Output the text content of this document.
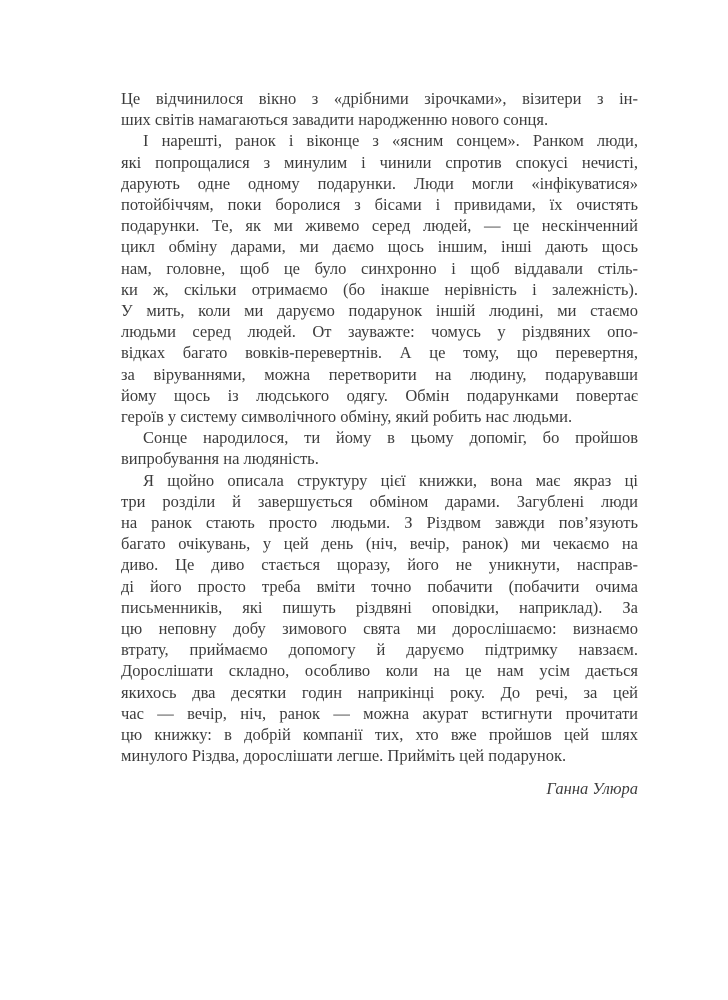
Це відчинилося вікно з «дрібними зірочками», візитери з ін-
ших світів намагаються завадити народженню нового сонця.
І нарешті, ранок і віконце з «ясним сонцем». Ранком люди,
які попрощалися з минулим і чинили спротив спокусі нечисті,
дарують одне одному подарунки. Люди могли «інфікуватися»
потойбіччям, поки боролися з бісами і привидами, їх очистять
подарунки. Те, як ми живемо серед людей, — це нескінченний
цикл обміну дарами, ми даємо щось іншим, інші дають щось
нам, головне, щоб це було синхронно і щоб віддавали стіль-
ки ж, скільки отримаємо (бо інакше нерівність і залежність).
У мить, коли ми даруємо подарунок іншій людині, ми стаємо
людьми серед людей. От зауважте: чомусь у різдвяних опо-
відках багато вовків-перевертнів. А це тому, що перевертня,
за віруваннями, можна перетворити на людину, подарувавши
йому щось із людського одягу. Обмін подарунками повертає
героїв у систему символічного обміну, який робить нас людьми.
Сонце народилося, ти йому в цьому допоміг, бо пройшов
випробування на людяність.
Я щойно описала структуру цієї книжки, вона має якраз ці
три розділи й завершується обміном дарами. Загублені люди
на ранок стають просто людьми. З Різдвом завжди пов’язують
багато очікувань, у цей день (ніч, вечір, ранок) ми чекаємо на
диво. Це диво стається щоразу, його не уникнути, насправ-
ді його просто треба вміти точно побачити (побачити очима
письменників, які пишуть різдвяні оповідки, наприклад). За
цю неповну добу зимового свята ми дорослішаємо: визнаємо
втрату, приймаємо допомогу й даруємо підтримку навзаєм.
Дорослішати складно, особливо коли на це нам усім дається
якихось два десятки годин наприкінці року. До речі, за цей
час — вечір, ніч, ранок — можна акурат встигнути прочитати
цю книжку: в добрій компанії тих, хто вже пройшов цей шлях
минулого Різдва, дорослішати легше. Прийміть цей подарунок.
Ганна Улюра
